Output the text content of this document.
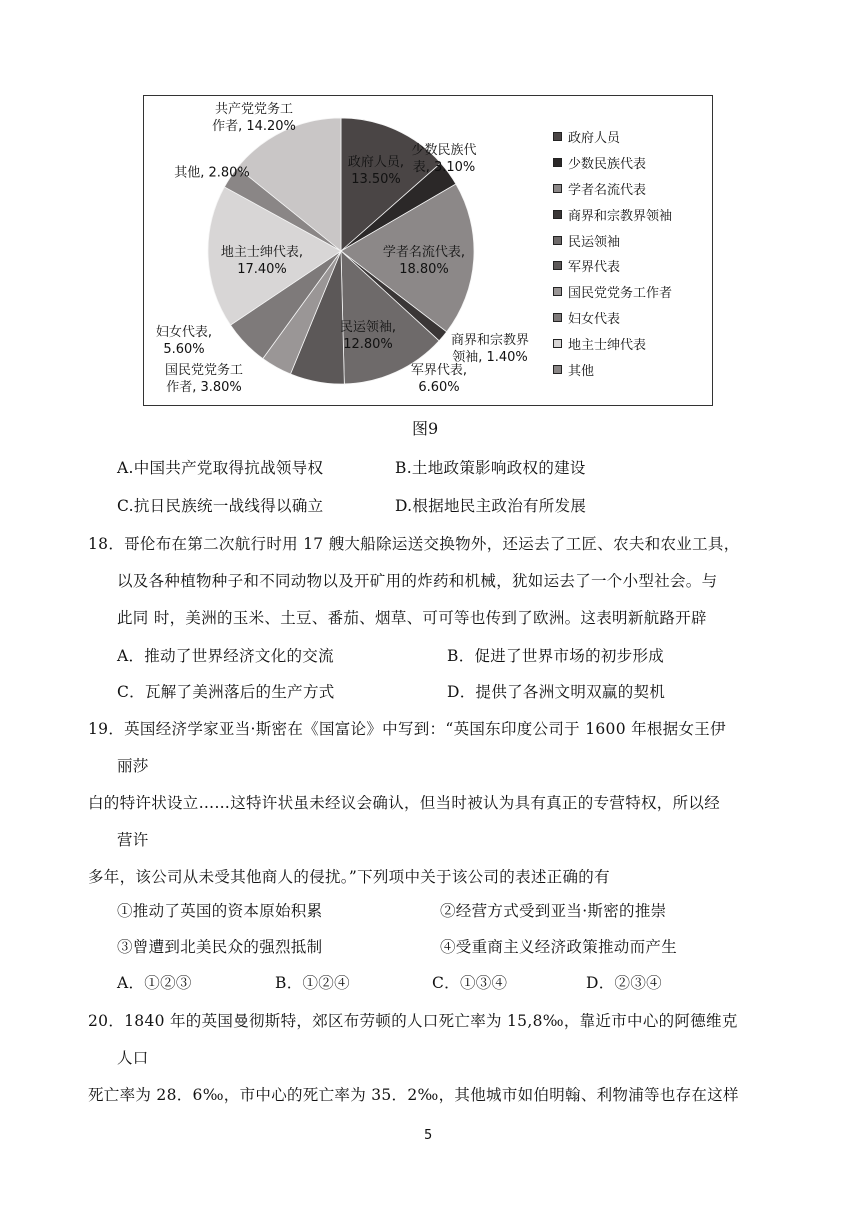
政府人员,
13.50%
少数民族代
表, 3.10%
学者名流代表,
18.80%
商界和宗教界
领袖, 1.40%
民运领袖,
12.80%
军界代表,
6.60%
国民党党务工
作者, 3.80%
妇女代表,
5.60%
地主士绅代表,
17.40%
其他, 2.80%
共产党党务工
作者, 14.20%
政府人员
少数民族代表
学者名流代表
商界和宗教界领袖
民运领袖
军界代表
国民党党务工作者
妇女代表
地主士绅代表
其他
图9
A.中国共产党取得抗战领导权	B.土地政策影响政权的建设
C.抗日民族统一战线得以确立	D.根据地民主政治有所发展
18．哥伦布在第二次航行时用 17 艘大船除运送交换物外，还运去了工匠、农夫和农业工具，
以及各种植物种子和不同动物以及开矿用的炸药和机械，犹如运去了一个小型社会。与
此同 时，美洲的玉米、土豆、番茄、烟草、可可等也传到了欧洲。这表明新航路开辟
A．推动了世界经济文化的交流	B．促进了世界市场的初步形成
C．瓦解了美洲落后的生产方式	D．提供了各洲文明双赢的契机
19．英国经济学家亚当·斯密在《国富论》中写到：“英国东印度公司于 1600 年根据女王伊
丽莎
白的特许状设立……这特许状虽未经议会确认，但当时被认为具有真正的专营特权，所以经
营许
多年，该公司从未受其他商人的侵扰。”下列项中关于该公司的表述正确的有
①推动了英国的资本原始积累	②经营方式受到亚当·斯密的推崇
③曾遭到北美民众的强烈抵制	④受重商主义经济政策推动而产生
A．①②③	B．①②④	C．①③④	D．②③④
20．1840 年的英国曼彻斯特，郊区布劳顿的人口死亡率为 15,8‰，靠近市中心的阿德维克
人口
死亡率为 28．6‰，市中心的死亡率为 35．2‰，其他城市如伯明翰、利物浦等也存在这样
5
